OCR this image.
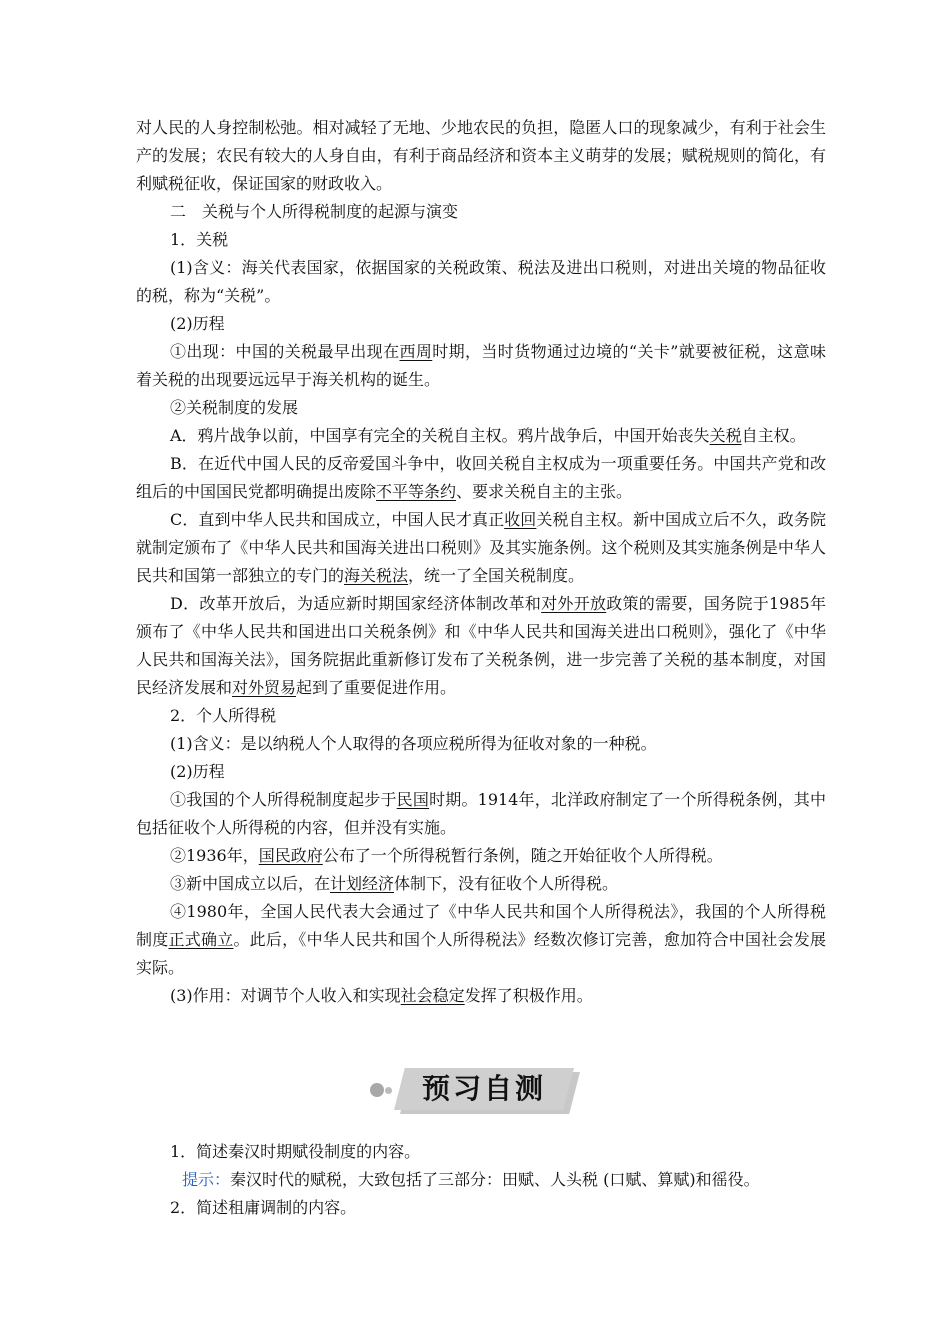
对人民的人身控制松弛。相对减轻了无地、少地农民的负担，隐匿人口的现象减少，有利于社会生产的发展；农民有较大的人身自由，有利于商品经济和资本主义萌芽的发展；赋税规则的简化，有利赋税征收，保证国家的财政收入。

二　关税与个人所得税制度的起源与演变

1．关税

(1)含义：海关代表国家，依据国家的关税政策、税法及进出口税则，对进出关境的物品征收的税，称为“关税”。

(2)历程

①出现：中国的关税最早出现在西周时期，当时货物通过边境的“关卡”就要被征税，这意味着关税的出现要远远早于海关机构的诞生。

②关税制度的发展

A．鸦片战争以前，中国享有完全的关税自主权。鸦片战争后，中国开始丧失关税自主权。

B．在近代中国人民的反帝爱国斗争中，收回关税自主权成为一项重要任务。中国共产党和改组后的中国国民党都明确提出废除不平等条约、要求关税自主的主张。

C．直到中华人民共和国成立，中国人民才真正收回关税自主权。新中国成立后不久，政务院就制定颁布了《中华人民共和国海关进出口税则》及其实施条例。这个税则及其实施条例是中华人民共和国第一部独立的专门的海关税法，统一了全国关税制度。

D．改革开放后，为适应新时期国家经济体制改革和对外开放政策的需要，国务院于1985年颁布了《中华人民共和国进出口关税条例》和《中华人民共和国海关进出口税则》，强化了《中华人民共和国海关法》，国务院据此重新修订发布了关税条例，进一步完善了关税的基本制度，对国民经济发展和对外贸易起到了重要促进作用。

2．个人所得税

(1)含义：是以纳税人个人取得的各项应税所得为征收对象的一种税。

(2)历程

①我国的个人所得税制度起步于民国时期。1914年，北洋政府制定了一个所得税条例，其中包括征收个人所得税的内容，但并没有实施。

②1936年，国民政府公布了一个所得税暂行条例，随之开始征收个人所得税。

③新中国成立以后，在计划经济体制下，没有征收个人所得税。

④1980年，全国人民代表大会通过了《中华人民共和国个人所得税法》，我国的个人所得税制度正式确立。此后，《中华人民共和国个人所得税法》经数次修订完善，愈加符合中国社会发展实际。

(3)作用：对调节个人收入和实现社会稳定发挥了积极作用。

预习自测

1．简述秦汉时期赋役制度的内容。

提示：秦汉时代的赋税，大致包括了三部分：田赋、人头税 (口赋、算赋)和徭役。

2．简述租庸调制的内容。
